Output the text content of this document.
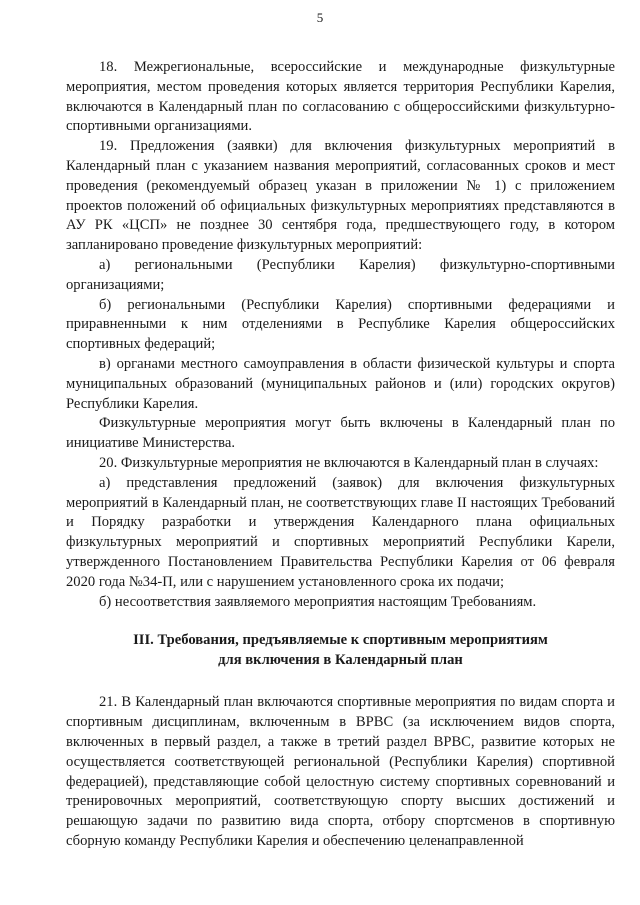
5

18. Межрегиональные, всероссийские и международные физкультурные мероприятия, местом проведения которых является территория Республики Карелия, включаются в Календарный план по согласованию с общероссийскими физкультурно-спортивными организациями.

19. Предложения (заявки) для включения физкультурных мероприятий в Календарный план с указанием названия мероприятий, согласованных сроков и мест проведения (рекомендуемый образец указан в приложении № 1) с приложением проектов положений об официальных физкультурных мероприятиях представляются в АУ РК «ЦСП» не позднее 30 сентября года, предшествующего году, в котором запланировано проведение физкультурных мероприятий:

а) региональными (Республики Карелия) физкультурно-спортивными организациями;

б) региональными (Республики Карелия) спортивными федерациями и приравненными к ним отделениями в Республике Карелия общероссийских спортивных федераций;

в) органами местного самоуправления в области физической культуры и спорта муниципальных образований (муниципальных районов и (или) городских округов) Республики Карелия.

Физкультурные мероприятия могут быть включены в Календарный план по инициативе Министерства.

20. Физкультурные мероприятия не включаются в Календарный план в случаях:

а) представления предложений (заявок) для включения физкультурных мероприятий в Календарный план, не соответствующих главе II настоящих Требований и Порядку разработки и утверждения Календарного плана официальных физкультурных мероприятий и спортивных мероприятий Республики Карели, утвержденного Постановлением Правительства Республики Карелия от 06 февраля 2020 года №34-П, или с нарушением установленного срока их подачи;

б) несоответствия заявляемого мероприятия настоящим Требованиям.

III. Требования, предъявляемые к спортивным мероприятиям
для включения в Календарный план

21. В Календарный план включаются спортивные мероприятия по видам спорта и спортивным дисциплинам, включенным в ВРВС (за исключением видов спорта, включенных в первый раздел, а также в третий раздел ВРВС, развитие которых не осуществляется соответствующей региональной (Республики Карелия) спортивной федерацией), представляющие собой целостную систему спортивных соревнований и тренировочных мероприятий, соответствующую спорту высших достижений и решающую задачи по развитию вида спорта, отбору спортсменов в спортивную сборную команду Республики Карелия и обеспечению целенаправленной
